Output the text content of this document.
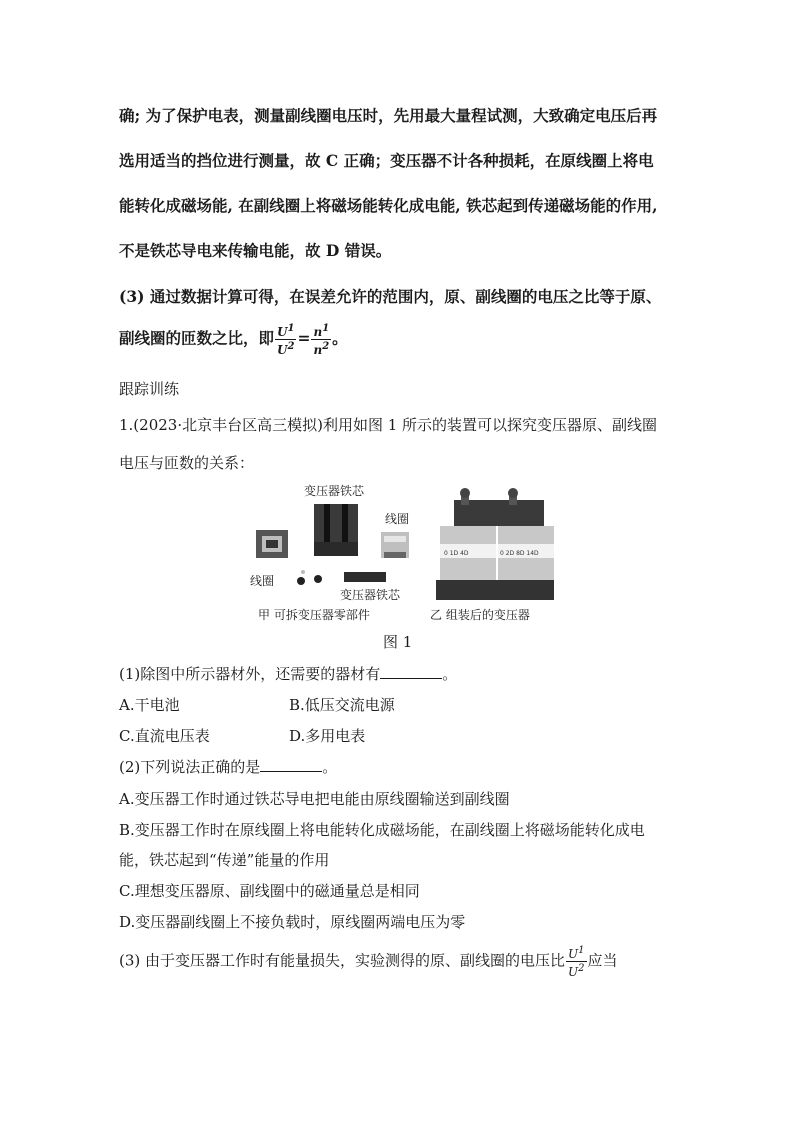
确; 为了保护电表，测量副线圈电压时，先用最大量程试测，大致确定电压后再
选用适当的挡位进行测量，故 C 正确；变压器不计各种损耗，在原线圈上将电
能转化成磁场能, 在副线圈上将磁场能转化成电能, 铁芯起到传递磁场能的作用,
不是铁芯导电来传输电能，故 D 错误。
(3) 通过数据计算可得，在误差允许的范围内，原、副线圈的电压之比等于原、
副线圈的匝数之比，即 $\frac{U^1}{U^2} = \frac{n^1}{n^2}$ 。
跟踪训练
1.(2023·北京丰台区高三模拟)利用如图 1 所示的装置可以探究变压器原、副线圈
电压与匝数的关系：
0 1D 4D	0 2D 8D 14D
变压器铁芯
线圈
线圈
变压器铁芯
甲 可拆变压器零部件	乙 组装后的变压器
图 1
(1)除图中所示器材外，还需要的器材有	。
A.干电池	B.低压交流电源
C.直流电压表	D.多用电表
(2)下列说法正确的是	。
A.变压器工作时通过铁芯导电把电能由原线圈输送到副线圈
B.变压器工作时在原线圈上将电能转化成磁场能，在副线圈上将磁场能转化成电
能，铁芯起到“传递”能量的作用
C.理想变压器原、副线圈中的磁通量总是相同
D.变压器副线圈上不接负载时，原线圈两端电压为零
(3) 由于变压器工作时有能量损失，实验测得的原、副线圈的电压比 $\frac{U^1}{U^2}$ 应当
